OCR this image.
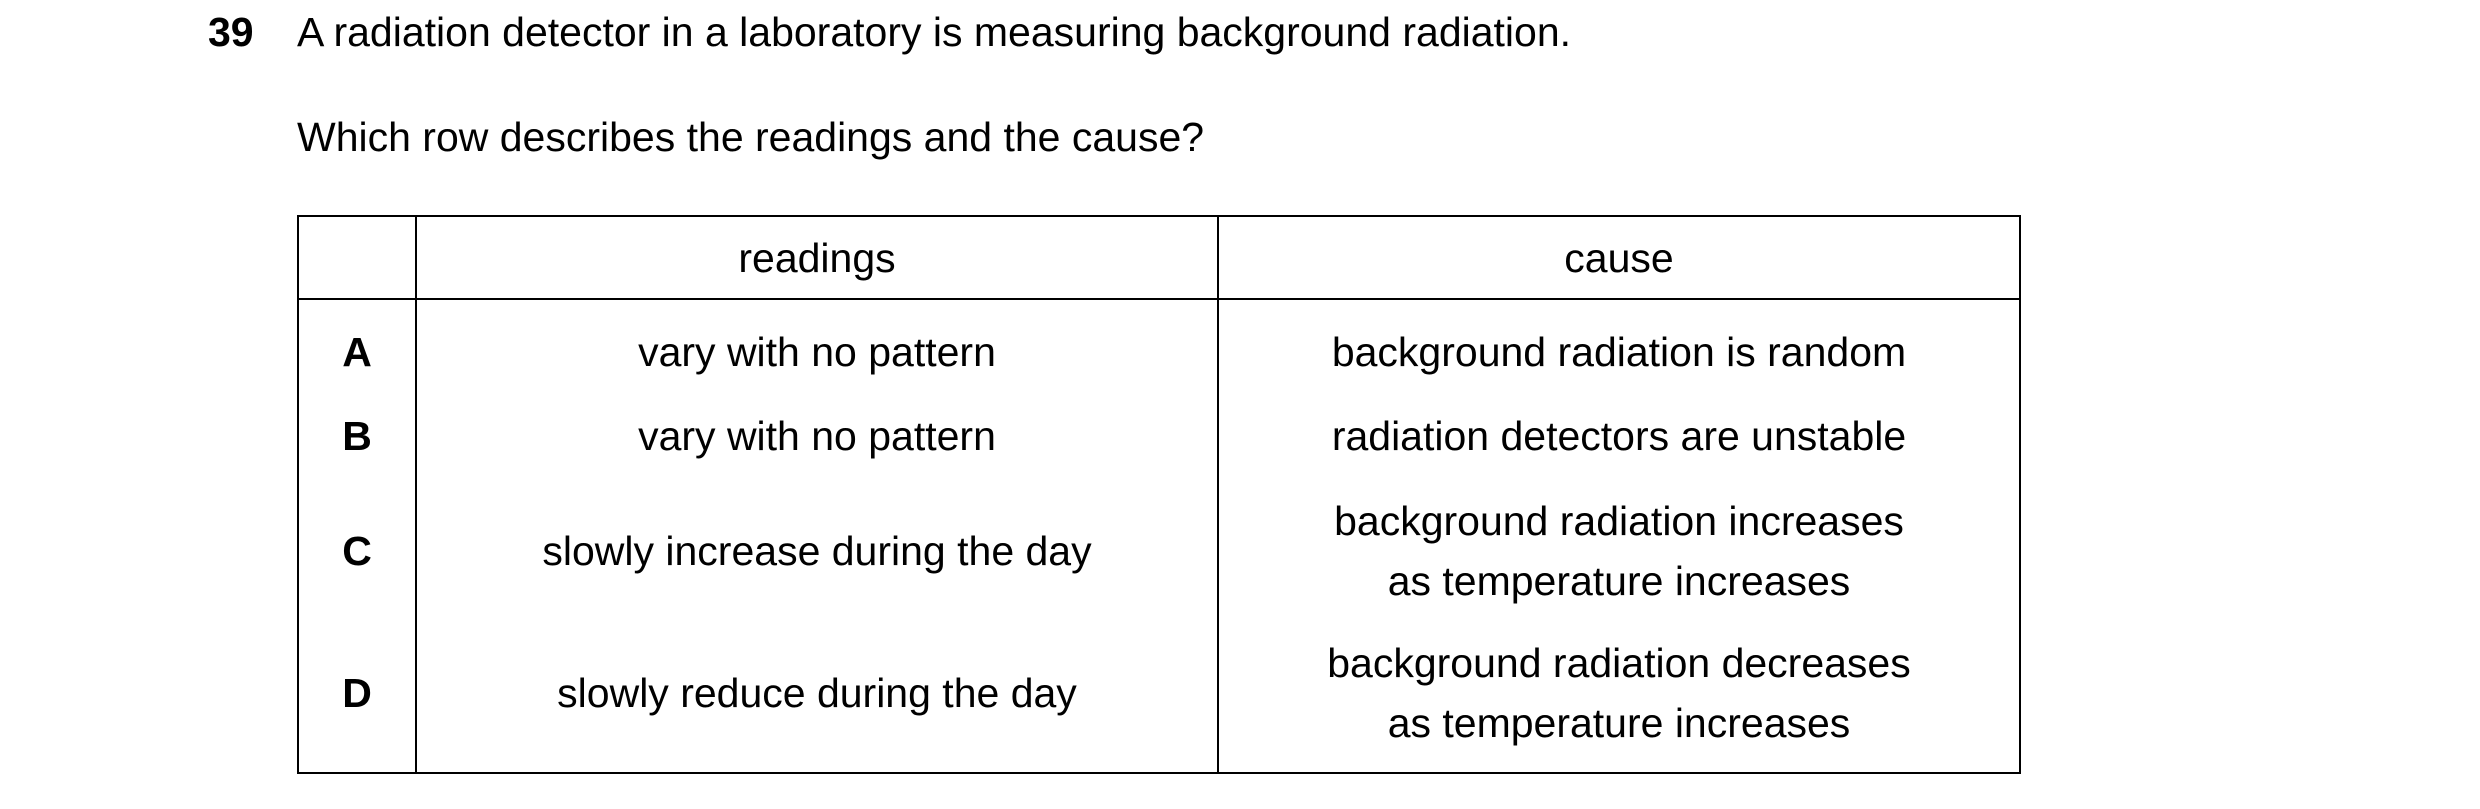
39 A radiation detector in a laboratory is measuring background radiation.
Which row describes the readings and the cause?
	readings	cause
A	vary with no pattern	background radiation is random

B	vary with no pattern	radiation detectors are unstable

C	slowly increase during the day	background radiation increases
as temperature increases

D	slowly reduce during the day	background radiation decreases
as temperature increases
